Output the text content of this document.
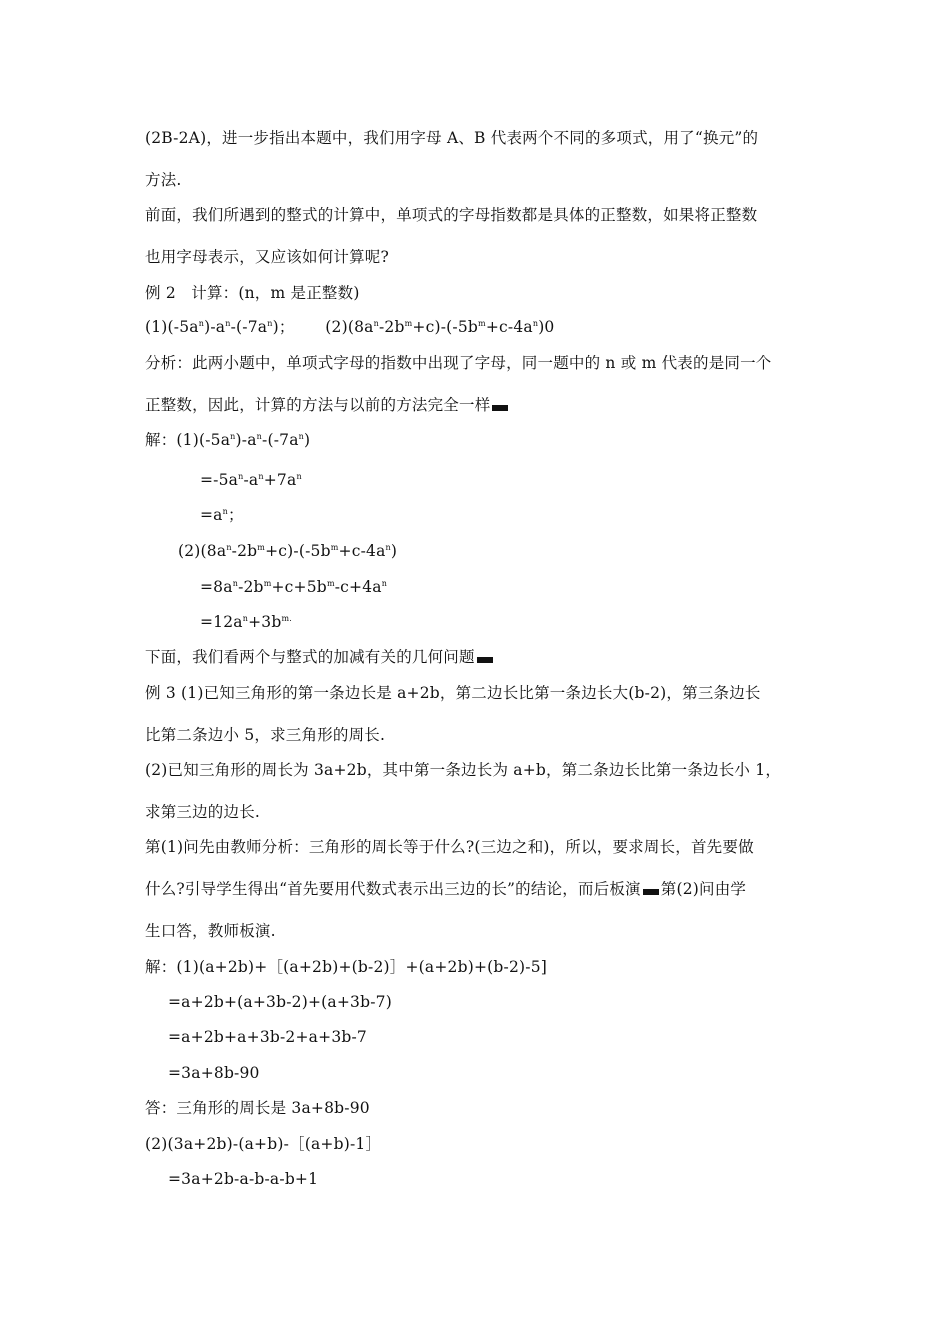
(2B-2A)，进一步指出本题中，我们用字母 A、B 代表两个不同的多项式，用了“换元”的
方法.
前面，我们所遇到的整式的计算中，单项式的字母指数都是具体的正整数，如果将正整数
也用字母表示，又应该如何计算呢?
例 2   计算：(n，m 是正整数)
$(1)(-5a^n)-a^n-(-7a^n)$；      $(2)(8a^n-2b^m+c)-(-5b^m+c-4a^n)0$
分析：此两小题中，单项式字母的指数中出现了字母，同一题中的 n 或 m 代表的是同一个
正整数，因此，计算的方法与以前的方法完全一样
解：$(1)(-5a^n)-a^n-(-7a^n)$
$=-5a^n-a^n+7a^n$
$=a^n$；
$(2)(8a^n-2b^m+c)-(-5b^m+c-4a^n)$
$=8a^n-2b^m+c+5b^m-c+4a^n$
$=12a^n+3b^{m.}$
下面，我们看两个与整式的加减有关的几何问题
例 3 (1)已知三角形的第一条边长是 a+2b，第二边长比第一条边长大(b-2)，第三条边长
比第二条边小 5，求三角形的周长.
(2)已知三角形的周长为 3a+2b，其中第一条边长为 a+b，第二条边长比第一条边长小 1，
求第三边的边长.
第(1)问先由教师分析：三角形的周长等于什么?(三边之和)，所以，要求周长，首先要做
什么?引导学生得出“首先要用代数式表示出三边的长”的结论，而后板演 第(2)问由学
生口答，教师板演.
解：(1)(a+2b)+［(a+2b)+(b-2)］+(a+2b)+(b-2)-5]
=a+2b+(a+3b-2)+(a+3b-7)
=a+2b+a+3b-2+a+3b-7
=3a+8b-90
答：三角形的周长是 3a+8b-90
(2)(3a+2b)-(a+b)-［(a+b)-1］
=3a+2b-a-b-a-b+1
